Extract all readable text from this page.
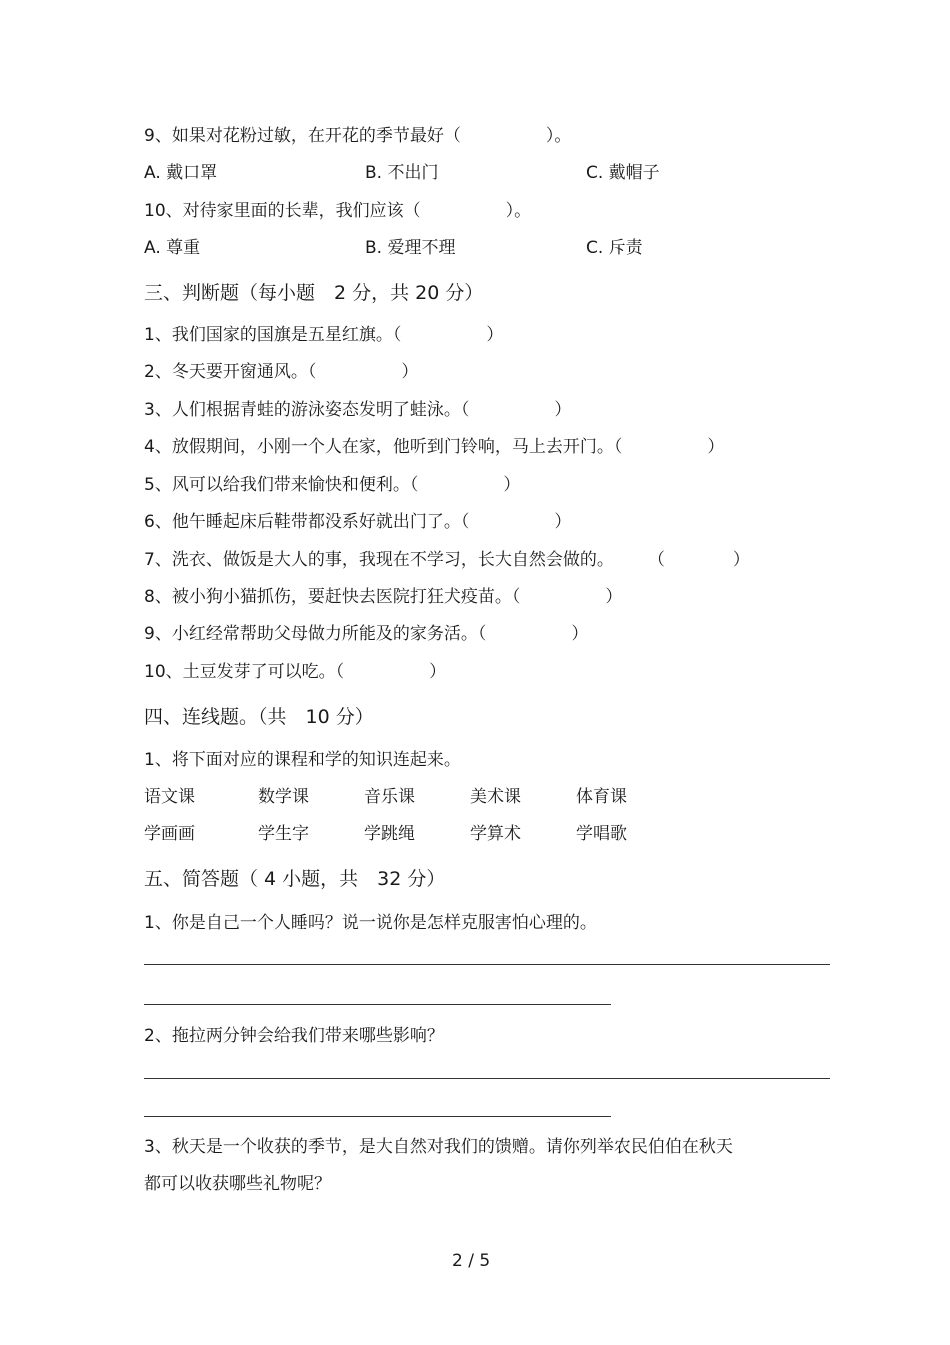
9、如果对花粉过敏，在开花的季节最好（　　　　　）。
A. 戴口罩	B. 不出门	C. 戴帽子
10、对待家里面的长辈，我们应该（　　　　　）。
A. 尊重	B. 爱理不理	C. 斥责
三、判断题（每小题　2 分，共 20 分）
1、我们国家的国旗是五星红旗。（　　　　　）
2、冬天要开窗通风。（　　　　　）
3、人们根据青蛙的游泳姿态发明了蛙泳。（　　　　　）
4、放假期间，小刚一个人在家，他听到门铃响，马上去开门。（　　　　　）
5、风可以给我们带来愉快和便利。（　　　　　）
6、他午睡起床后鞋带都没系好就出门了。（　　　　　）
7、洗衣、做饭是大人的事，我现在不学习，长大自然会做的。　　　（　　　　）
8、被小狗小猫抓伤，要赶快去医院打狂犬疫苗。（　　　　　）
9、小红经常帮助父母做力所能及的家务活。（　　　　　）
10、土豆发芽了可以吃。（　　　　　）
四、连线题。（共　10 分）
1、将下面对应的课程和学的知识连起来。
语文课	数学课	音乐课	美术课	体育课
学画画	学生字	学跳绳	学算术	学唱歌
五、简答题（ 4 小题，共　32 分）
1、你是自己一个人睡吗？说一说你是怎样克服害怕心理的。
2、拖拉两分钟会给我们带来哪些影响？
3、秋天是一个收获的季节，是大自然对我们的馈赠。请你列举农民伯伯在秋天
都可以收获哪些礼物呢？
2 / 5
